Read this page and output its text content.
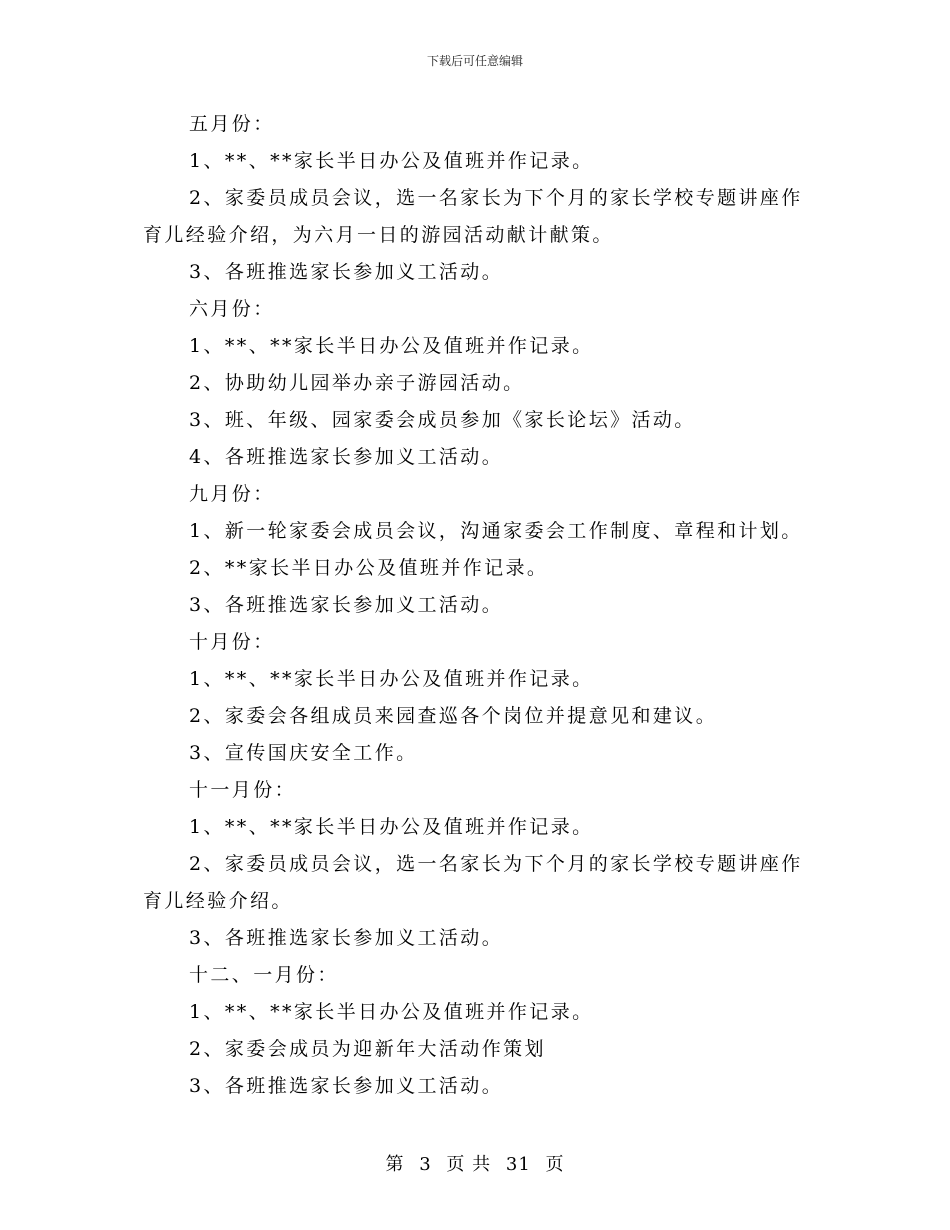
下载后可任意编辑

五月份：

1、**、**家长半日办公及值班并作记录。

2、家委员成员会议，选一名家长为下个月的家长学校专题讲座作育儿经验介绍，为六月一日的游园活动献计献策。

3、各班推选家长参加义工活动。

六月份：

1、**、**家长半日办公及值班并作记录。

2、协助幼儿园举办亲子游园活动。

3、班、年级、园家委会成员参加《家长论坛》活动。

4、各班推选家长参加义工活动。

九月份：

1、新一轮家委会成员会议，沟通家委会工作制度、章程和计划。

2、**家长半日办公及值班并作记录。

3、各班推选家长参加义工活动。

十月份：

1、**、**家长半日办公及值班并作记录。

2、家委会各组成员来园查巡各个岗位并提意见和建议。

3、宣传国庆安全工作。

十一月份：

1、**、**家长半日办公及值班并作记录。

2、家委员成员会议，选一名家长为下个月的家长学校专题讲座作育儿经验介绍。

3、各班推选家长参加义工活动。

十二、一月份：

1、**、**家长半日办公及值班并作记录。

2、家委会成员为迎新年大活动作策划

3、各班推选家长参加义工活动。

第 3 页 共 31 页
